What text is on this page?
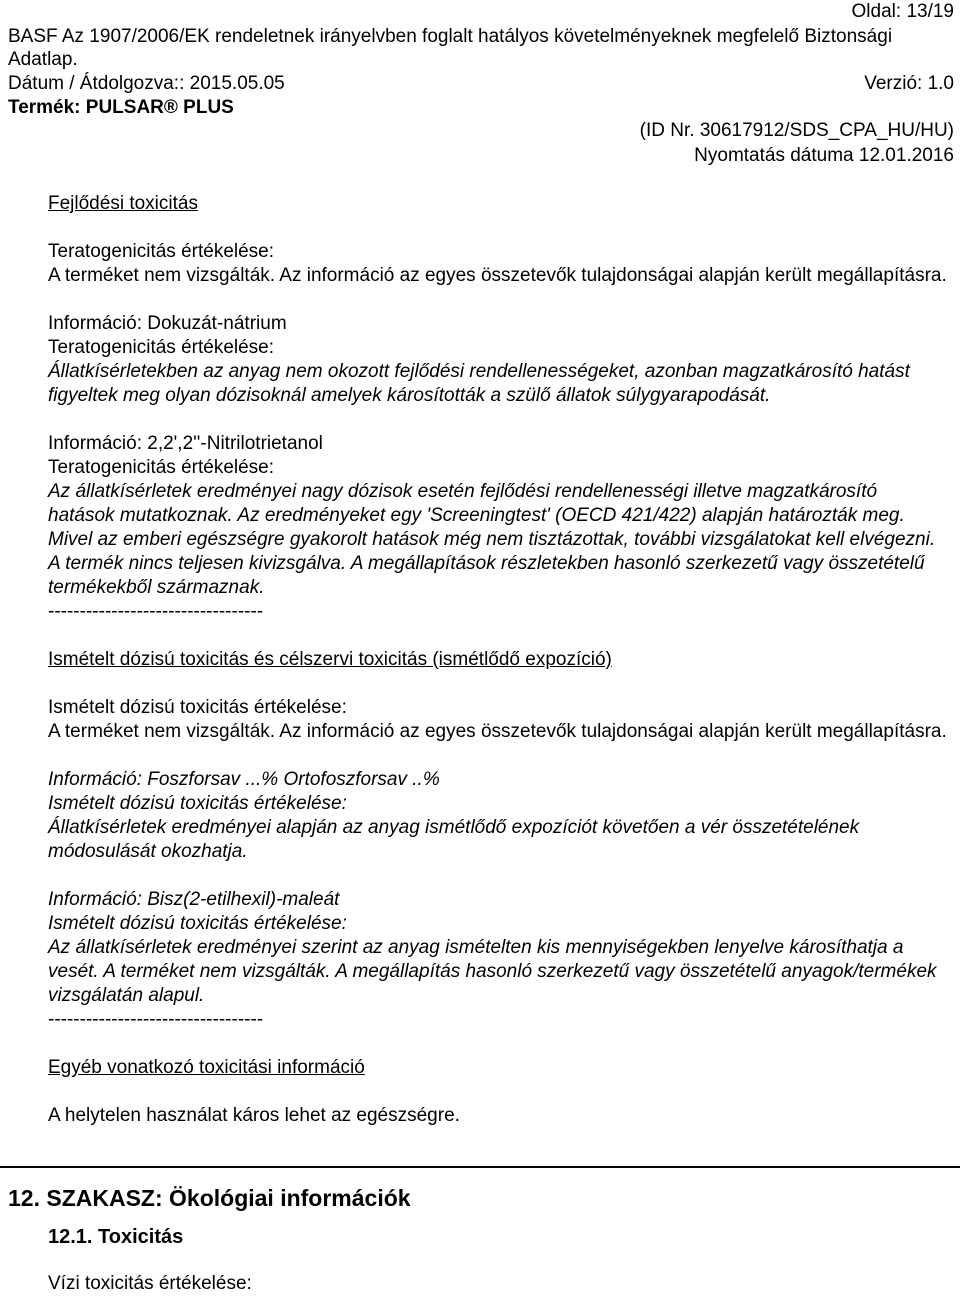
Oldal: 13/19
BASF Az 1907/2006/EK rendeletnek irányelvben foglalt hatályos követelményeknek megfelelő Biztonsági
Adatlap.
Dátum / Átdolgozva:: 2015.05.05	Verzió: 1.0
Termék: PULSAR® PLUS
(ID Nr. 30617912/SDS_CPA_HU/HU)
Nyomtatás dátuma 12.01.2016

Fejlődési toxicitás

Teratogenicitás értékelése:

A terméket nem vizsgálták. Az információ az egyes összetevők tulajdonságai alapján került megállapításra.

Információ: Dokuzát-nátrium

Teratogenicitás értékelése:

Állatkísérletekben az anyag nem okozott fejlődési rendellenességeket, azonban magzatkárosító hatást figyeltek meg olyan dózisoknál amelyek károsították a szülő állatok súlygyarapodását.

Információ: 2,2',2''-Nitrilotrietanol

Teratogenicitás értékelése:

Az állatkísérletek eredményei nagy dózisok esetén fejlődési rendellenességi illetve magzatkárosító hatások mutatkoznak. Az eredményeket egy 'Screeningtest' (OECD 421/422) alapján határozták meg. Mivel az emberi egészségre gyakorolt hatások még nem tisztázottak, további vizsgálatokat kell elvégezni. A termék nincs teljesen kivizsgálva. A megállapítások részletekben hasonló szerkezetű vagy összetételű termékekből származnak.

----------------------------------

Ismételt dózisú toxicitás és célszervi toxicitás (ismétlődő expozíció)

Ismételt dózisú toxicitás értékelése:

A terméket nem vizsgálták. Az információ az egyes összetevők tulajdonságai alapján került megállapításra.

Információ: Foszforsav ...% Ortofoszforsav ..%

Ismételt dózisú toxicitás értékelése:

Állatkísérletek eredményei alapján az anyag ismétlődő expozíciót követően a vér összetételének módosulását okozhatja.

Információ: Bisz(2-etilhexil)-maleát

Ismételt dózisú toxicitás értékelése:

Az állatkísérletek eredményei szerint az anyag ismételten kis mennyiségekben lenyelve károsíthatja a vesét. A terméket nem vizsgálták. A megállapítás hasonló szerkezetű vagy összetételű anyagok/termékek vizsgálatán alapul.

----------------------------------

Egyéb vonatkozó toxicitási információ

A helytelen használat káros lehet az egészségre.

12. SZAKASZ: Ökológiai információk
12.1. Toxicitás
Vízi toxicitás értékelése:
